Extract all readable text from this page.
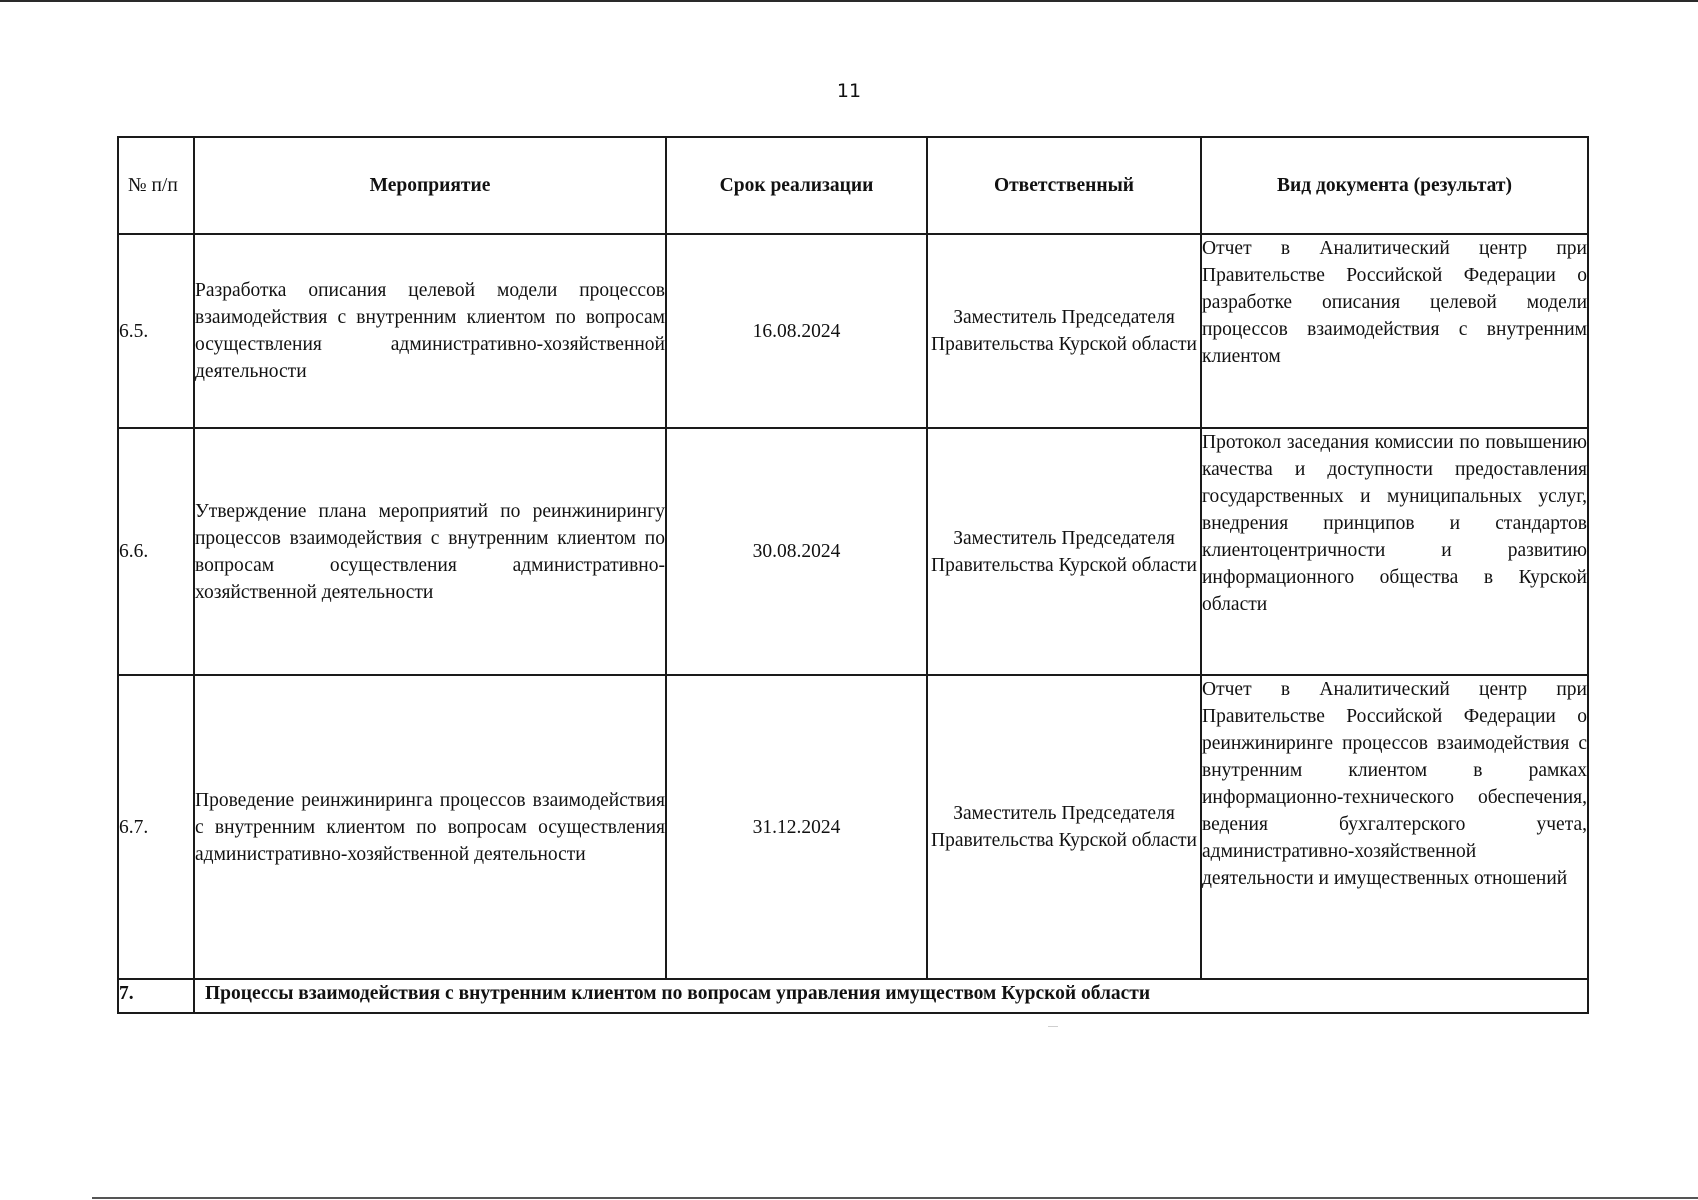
11
№ п/п	Мероприятие	Срок реализации	Ответственный	Вид документа (результат)
6.5.	Разработка описания целевой модели процессов взаимодействия с внутренним клиентом по вопросам осуществления административно-хозяйственной деятельности	16.08.2024	Заместитель Председателя Правительства Курской области	Отчет в Аналитический центр при Правительстве Российской Федерации о разработке описания целевой модели процессов взаимодействия с внутренним клиентом
6.6.	Утверждение плана мероприятий по реинжинирингу процессов взаимодействия с внутренним клиентом по вопросам осуществления административно-хозяйственной деятельности	30.08.2024	Заместитель Председателя Правительства Курской области	Протокол заседания комиссии по повышению качества и доступности предоставления государственных и муниципальных услуг, внедрения принципов и стандартов клиентоцентричности и развитию информационного общества в Курской области
6.7.	Проведение реинжиниринга процессов взаимодействия с внутренним клиентом по вопросам осуществления административно-хозяйственной деятельности	31.12.2024	Заместитель Председателя Правительства Курской области	Отчет в Аналитический центр при Правительстве Российской Федерации о реинжиниринге процессов взаимодействия с внутренним клиентом в рамках информационно-технического обеспечения, ведения бухгалтерского учета, административно-хозяйственной деятельности и имущественных отношений
7.	Процессы взаимодействия с внутренним клиентом по вопросам управления имуществом Курской области			
